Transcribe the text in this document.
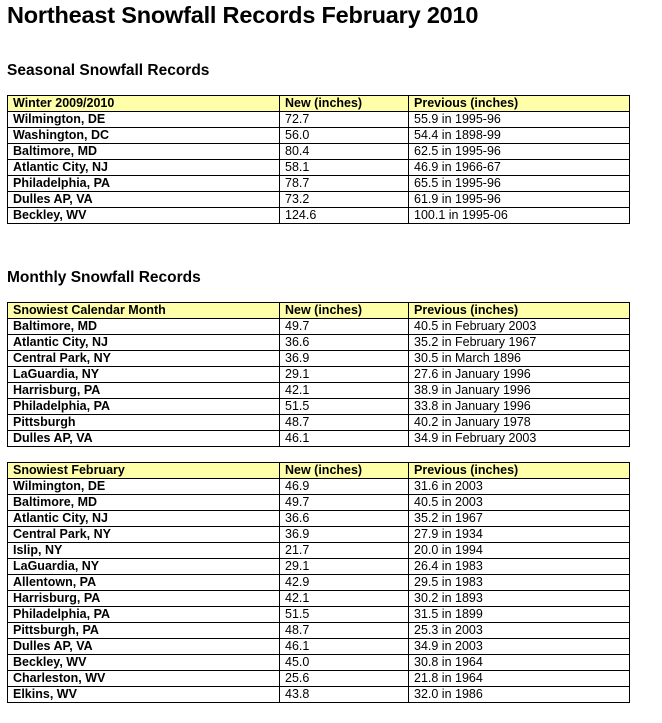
Northeast Snowfall Records February 2010
Seasonal Snowfall Records
Winter 2009/2010	New (inches)	Previous (inches)
Wilmington, DE	72.7	55.9 in 1995-96
Washington, DC	56.0	54.4 in 1898-99
Baltimore, MD	80.4	62.5 in 1995-96
Atlantic City, NJ	58.1	46.9 in 1966-67
Philadelphia, PA	78.7	65.5 in 1995-96
Dulles AP, VA	73.2	61.9 in 1995-96
Beckley, WV	124.6	100.1 in 1995-06
Monthly Snowfall Records
Snowiest Calendar Month	New (inches)	Previous (inches)
Baltimore, MD	49.7	40.5 in February 2003
Atlantic City, NJ	36.6	35.2 in February 1967
Central Park, NY	36.9	30.5 in March 1896
LaGuardia, NY	29.1	27.6 in January 1996
Harrisburg, PA	42.1	38.9 in January 1996
Philadelphia, PA	51.5	33.8 in January 1996
Pittsburgh	48.7	40.2 in January 1978
Dulles AP, VA	46.1	34.9 in February 2003
Snowiest February	New (inches)	Previous (inches)
Wilmington, DE	46.9	31.6 in 2003
Baltimore, MD	49.7	40.5 in 2003
Atlantic City, NJ	36.6	35.2 in 1967
Central Park, NY	36.9	27.9 in 1934
Islip, NY	21.7	20.0 in 1994
LaGuardia, NY	29.1	26.4 in 1983
Allentown, PA	42.9	29.5 in 1983
Harrisburg, PA	42.1	30.2 in 1893
Philadelphia, PA	51.5	31.5 in 1899
Pittsburgh, PA	48.7	25.3 in 2003
Dulles AP, VA	46.1	34.9 in 2003
Beckley, WV	45.0	30.8 in 1964
Charleston, WV	25.6	21.8 in 1964
Elkins, WV	43.8	32.0 in 1986
